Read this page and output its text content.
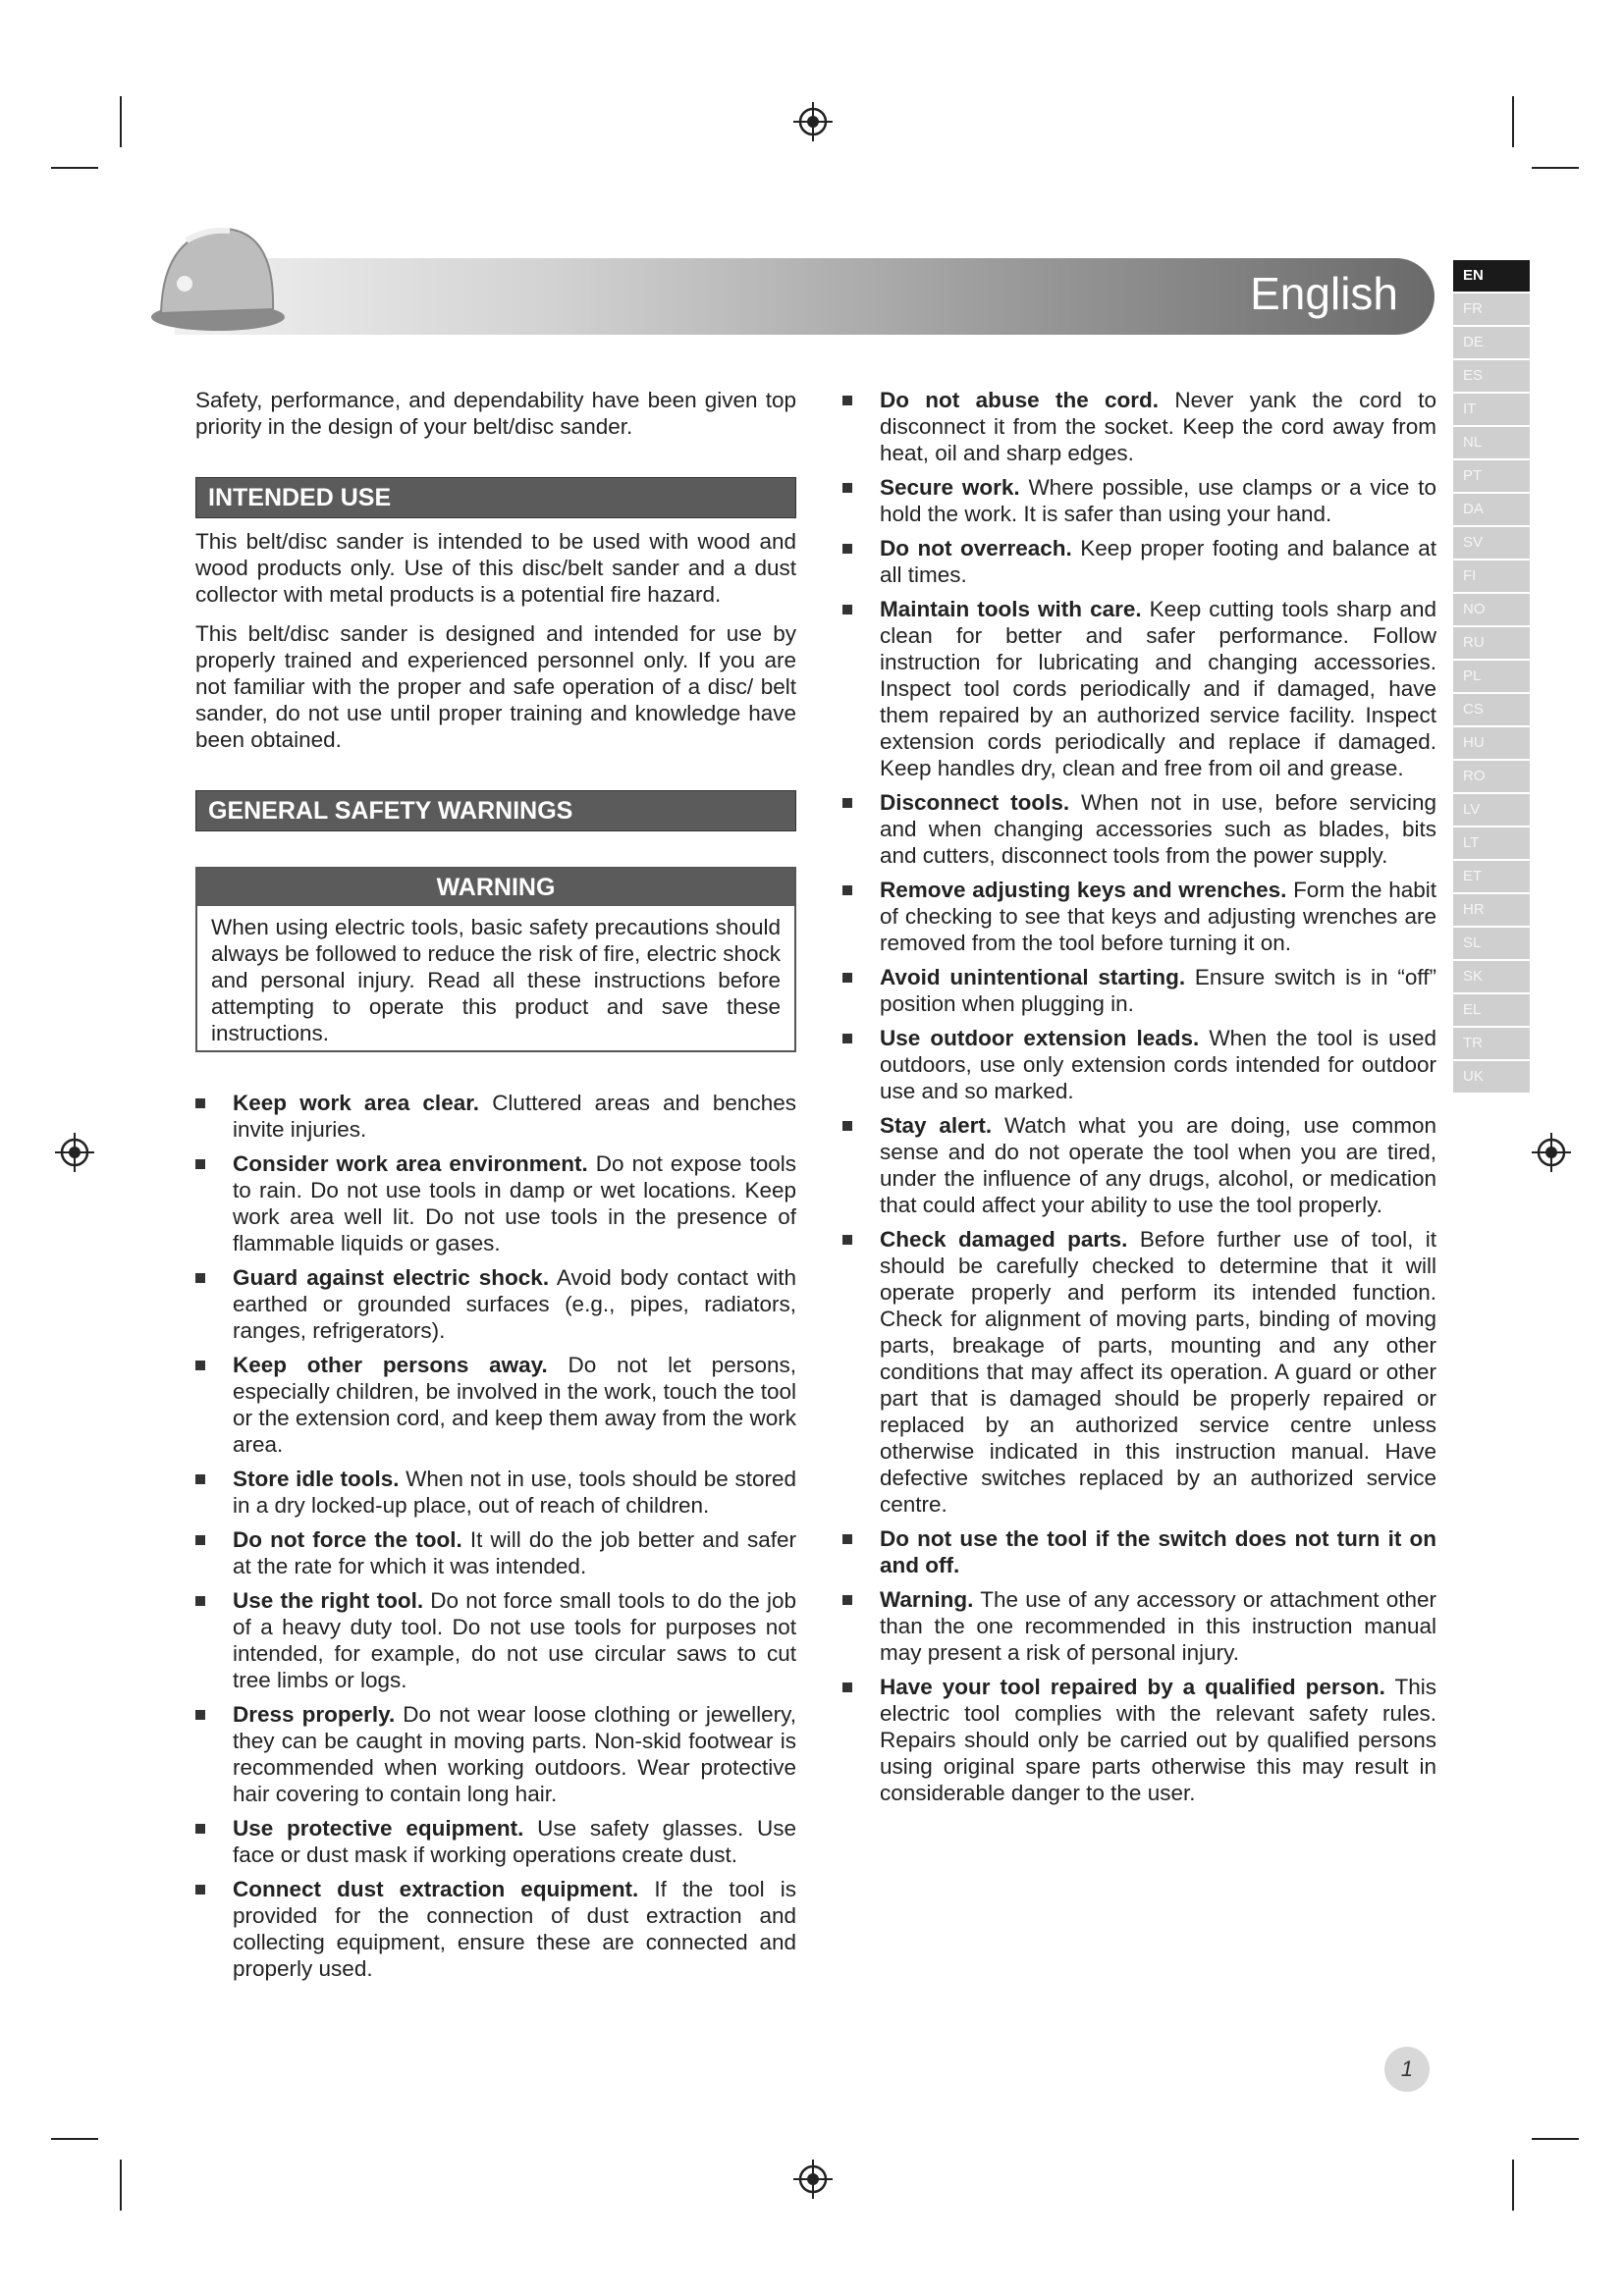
English	EN
FR
DE
ES
IT
NL
PT
DA
SV
FI
NO
RU
PL
CS
HU
RO
LV
LT
ET
HR
SL
SK
EL
TR
UK

Safety, performance, and dependability have been given top priority in the design of your belt/disc sander.

INTENDED USE

This belt/disc sander is intended to be used with wood and wood products only. Use of this disc/belt sander and a dust collector with metal products is a potential fire hazard.

This belt/disc sander is designed and intended for use by properly trained and experienced personnel only. If you are not familiar with the proper and safe operation of a disc/ belt sander, do not use until proper training and knowledge have been obtained.

GENERAL SAFETY WARNINGS
WARNING
When using electric tools, basic safety precautions should always be followed to reduce the risk of fire, electric shock and personal injury. Read all these instructions before attempting to operate this product and save these instructions.
Keep work area clear. Cluttered areas and benches invite injuries.
Consider work area environment. Do not expose tools to rain. Do not use tools in damp or wet locations. Keep work area well lit. Do not use tools in the presence of flammable liquids or gases.
Guard against electric shock. Avoid body contact with earthed or grounded surfaces (e.g., pipes, radiators, ranges, refrigerators).
Keep other persons away. Do not let persons, especially children, be involved in the work, touch the tool or the extension cord, and keep them away from the work area.
Store idle tools. When not in use, tools should be stored in a dry locked-up place, out of reach of children.
Do not force the tool. It will do the job better and safer at the rate for which it was intended.
Use the right tool. Do not force small tools to do the job of a heavy duty tool. Do not use tools for purposes not intended, for example, do not use circular saws to cut tree limbs or logs.
Dress properly. Do not wear loose clothing or jewellery, they can be caught in moving parts. Non-skid footwear is recommended when working outdoors. Wear protective hair covering to contain long hair.
Use protective equipment. Use safety glasses. Use face or dust mask if working operations create dust.
Connect dust extraction equipment. If the tool is provided for the connection of dust extraction and collecting equipment, ensure these are connected and properly used.
Do not abuse the cord. Never yank the cord to disconnect it from the socket. Keep the cord away from heat, oil and sharp edges.
Secure work. Where possible, use clamps or a vice to hold the work. It is safer than using your hand.
Do not overreach. Keep proper footing and balance at all times.
Maintain tools with care. Keep cutting tools sharp and clean for better and safer performance. Follow instruction for lubricating and changing accessories. Inspect tool cords periodically and if damaged, have them repaired by an authorized service facility. Inspect extension cords periodically and replace if damaged. Keep handles dry, clean and free from oil and grease.
Disconnect tools. When not in use, before servicing and when changing accessories such as blades, bits and cutters, disconnect tools from the power supply.
Remove adjusting keys and wrenches. Form the habit of checking to see that keys and adjusting wrenches are removed from the tool before turning it on.
Avoid unintentional starting. Ensure switch is in “off” position when plugging in.
Use outdoor extension leads. When the tool is used outdoors, use only extension cords intended for outdoor use and so marked.
Stay alert. Watch what you are doing, use common sense and do not operate the tool when you are tired, under the influence of any drugs, alcohol, or medication that could affect your ability to use the tool properly.
Check damaged parts. Before further use of tool, it should be carefully checked to determine that it will operate properly and perform its intended function. Check for alignment of moving parts, binding of moving parts, breakage of parts, mounting and any other conditions that may affect its operation. A guard or other part that is damaged should be properly repaired or replaced by an authorized service centre unless otherwise indicated in this instruction manual. Have defective switches replaced by an authorized service centre.
Do not use the tool if the switch does not turn it on and off.
Warning. The use of any accessory or attachment other than the one recommended in this instruction manual may present a risk of personal injury.
Have your tool repaired by a qualified person. This electric tool complies with the relevant safety rules. Repairs should only be carried out by qualified persons using original spare parts otherwise this may result in considerable danger to the user.
1
